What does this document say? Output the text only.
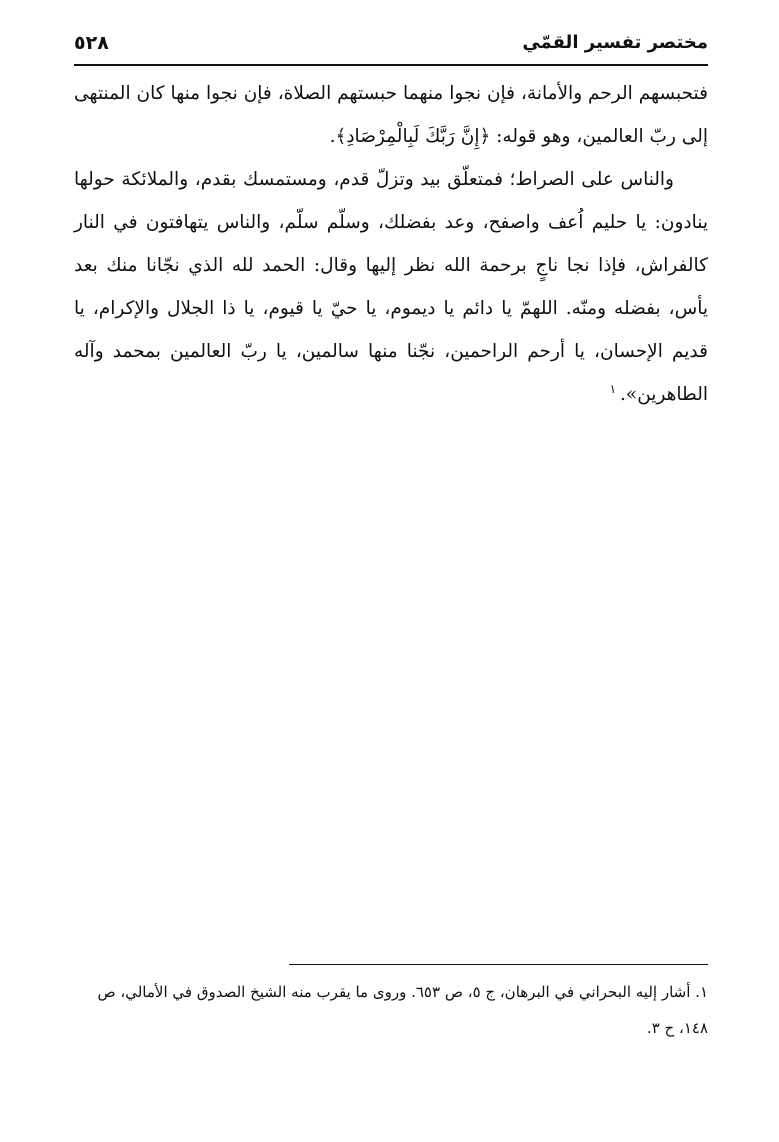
مختصر تفسير القمّي
٥٢٨

فتحبسهم الرحم والأمانة، فإن نجوا منهما حبستهم الصلاة، فإن نجوا منها كان المنتهى إلى ربّ العالمين، وهو قوله: ﴿إِنَّ رَبَّكَ لَبِالْمِرْصَادِ﴾.

والناس على الصراط؛ فمتعلّق بيد وتزلّ قدم، ومستمسك بقدم، والملائكة حولها ينادون: يا حليم اُعف واصفح، وعد بفضلك، وسلّم سلّم، والناس يتهافتون في النار كالفراش، فإذا نجا ناجٍ برحمة الله نظر إليها وقال: الحمد لله الذي نجّانا منك بعد يأس، بفضله ومنّه. اللهمّ يا دائم يا ديموم، يا حيّ يا قيوم، يا ذا الجلال والإكرام، يا قديم الإحسان، يا أرحم الراحمين، نجّنا منها سالمين، يا ربّ العالمين بمحمد وآله الطاهرين».$^١$

١. أشار إليه البحراني في البرهان، ج ٥، ص ٦٥٣. وروى ما يقرب منه الشيخ الصدوق في الأمالي، ص ١٤٨، ح ٣.
